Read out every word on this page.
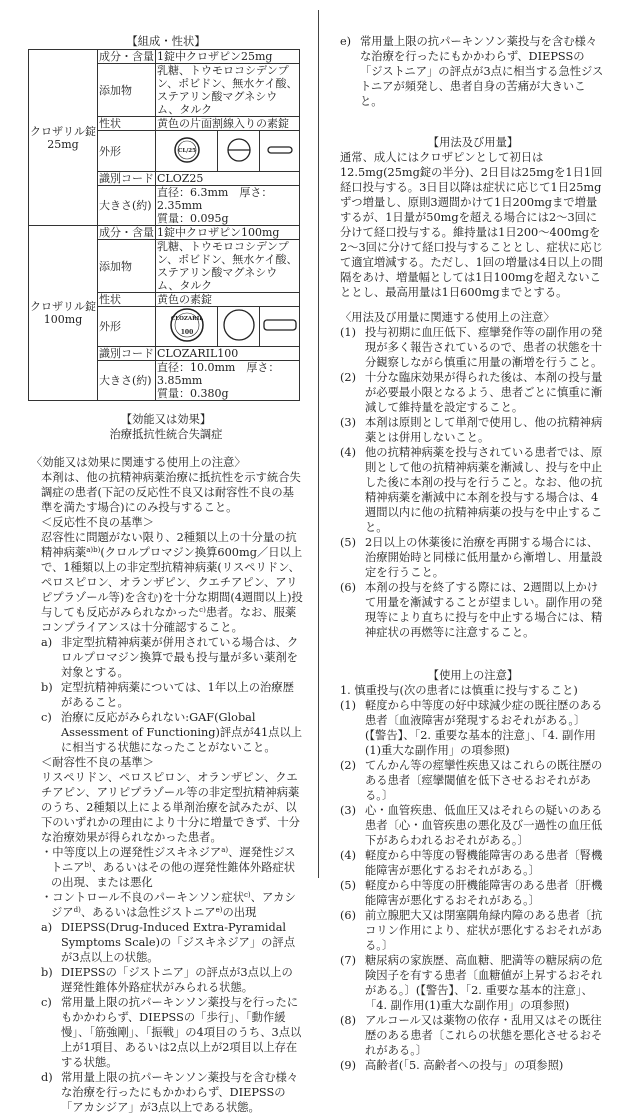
【組成・性状】
クロザリル錠
25mg	成分・含量	1錠中クロザピン25mg		

添加物	乳糖、トウモロコシデンプン、ポビドン、無水ケイ酸、ステアリン酸マグネシウム、タルク		

性状	黄色の片面割線入りの素錠		

外形	CL/25

識別コード	CLOZ25		

大きさ(約)	直径：6.3mm　厚さ：2.35mm
質量：0.095g		

クロザリル錠
100mg	成分・含量	1錠中クロザピン100mg		

添加物	乳糖、トウモロコシデンプン、ポビドン、無水ケイ酸、ステアリン酸マグネシウム、タルク		

性状	黄色の素錠		

外形	CLOZARIL
100

識別コード	CLOZARIL100		

大きさ(約)	直径：10.0mm　厚さ：3.85mm
質量：0.380g		
【効能又は効果】
治療抵抗性統合失調症
〈効能又は効果に関連する使用上の注意〉

本剤は、他の抗精神病薬治療に抵抗性を示す統合失調症の患者(下記の反応性不良又は耐容性不良の基準を満たす場合)にのみ投与すること。

＜反応性不良の基準＞

忍容性に問題がない限り、2種類以上の十分量の抗精神病薬$^{a)b)}$(クロルプロマジン換算600mg／日以上で、1種類以上の非定型抗精神病薬(リスペリドン、ペロスピロン、オランザピン、クエチアピン、アリピプラゾール等)を含む)を十分な期間(4週間以上)投与しても反応がみられなかった$^{c)}$患者。なお、服薬コンプライアンスは十分確認すること。

a) 非定型抗精神病薬が併用されている場合は、クロルプロマジン換算で最も投与量が多い薬剤を対象とする。
b) 定型抗精神病薬については、1年以上の治療歴があること。
c) 治療に反応がみられない:GAF(Global Assessment of Functioning)評点が41点以上に相当する状態になったことがないこと。
＜耐容性不良の基準＞

リスペリドン、ペロスピロン、オランザピン、クエチアピン、アリピプラゾール等の非定型抗精神病薬のうち、2種類以上による単剤治療を試みたが、以下のいずれかの理由により十分に増量できず、十分な治療効果が得られなかった患者。

・中等度以上の遅発性ジスキネジア$^{a)}$、遅発性ジストニア$^{b)}$、あるいはその他の遅発性錐体外路症状の出現、または悪化

・コントロール不良のパーキンソン症状$^{c)}$、アカシジア$^{d)}$、あるいは急性ジストニア$^{e)}$の出現

a) DIEPSS(Drug-Induced Extra-Pyramidal Symptoms Scale)の「ジスキネジア」の評点が3点以上の状態。
b) DIEPSSの「ジストニア」の評点が3点以上の遅発性錐体外路症状がみられる状態。
c) 常用量上限の抗パーキンソン薬投与を行ったにもかかわらず、DIEPSSの「歩行」、「動作緩慢」、「筋強剛」、「振戦」の4項目のうち、3点以上が1項目、あるいは2点以上が2項目以上存在する状態。
d) 常用量上限の抗パーキンソン薬投与を含む様々な治療を行ったにもかかわらず、DIEPSSの「アカシジア」が3点以上である状態。
e) 常用量上限の抗パーキンソン薬投与を含む様々な治療を行ったにもかかわらず、DIEPSSの「ジストニア」の評点が3点に相当する急性ジストニアが頻発し、患者自身の苦痛が大きいこと。
【用法及び用量】

通常、成人にはクロザピンとして初日は12.5mg(25mg錠の半分)、2日目は25mgを1日1回経口投与する。3日目以降は症状に応じて1日25mgずつ増量し、原則3週間かけて1日200mgまで増量するが、1日量が50mgを超える場合には2～3回に分けて経口投与する。維持量は1日200～400mgを2～3回に分けて経口投与することとし、症状に応じて適宜増減する。ただし、1回の増量は4日以上の間隔をあけ、増量幅としては1日100mgを超えないこととし、最高用量は1日600mgまでとする。

〈用法及び用量に関連する使用上の注意〉
(1) 投与初期に血圧低下、痙攣発作等の副作用の発現が多く報告されているので、患者の状態を十分観察しながら慎重に用量の漸増を行うこと。
(2) 十分な臨床効果が得られた後は、本剤の投与量が必要最小限となるよう、患者ごとに慎重に漸減して維持量を設定すること。
(3) 本剤は原則として単剤で使用し、他の抗精神病薬とは併用しないこと。
(4) 他の抗精神病薬を投与されている患者では、原則として他の抗精神病薬を漸減し、投与を中止した後に本剤の投与を行うこと。なお、他の抗精神病薬を漸減中に本剤を投与する場合は、4週間以内に他の抗精神病薬の投与を中止すること。
(5) 2日以上の休薬後に治療を再開する場合には、治療開始時と同様に低用量から漸増し、用量設定を行うこと。
(6) 本剤の投与を終了する際には、2週間以上かけて用量を漸減することが望ましい。副作用の発現等により直ちに投与を中止する場合には、精神症状の再燃等に注意すること。
【使用上の注意】
1. 慎重投与(次の患者には慎重に投与すること)
(1) 軽度から中等度の好中球減少症の既往歴のある患者〔血液障害が発現するおそれがある。〕(【警告】、「2. 重要な基本的注意」、「4. 副作用(1)重大な副作用」の項参照)
(2) てんかん等の痙攣性疾患又はこれらの既往歴のある患者〔痙攣閾値を低下させるおそれがある。〕
(3) 心・血管疾患、低血圧又はそれらの疑いのある患者〔心・血管疾患の悪化及び一過性の血圧低下があらわれるおそれがある。〕
(4) 軽度から中等度の腎機能障害のある患者〔腎機能障害が悪化するおそれがある。〕
(5) 軽度から中等度の肝機能障害のある患者〔肝機能障害が悪化するおそれがある。〕
(6) 前立腺肥大又は閉塞隅角緑内障のある患者〔抗コリン作用により、症状が悪化するおそれがある。〕
(7) 糖尿病の家族歴、高血糖、肥満等の糖尿病の危険因子を有する患者〔血糖値が上昇するおそれがある。〕(【警告】、「2. 重要な基本的注意」、「4. 副作用(1)重大な副作用」の項参照)
(8) アルコール又は薬物の依存・乱用又はその既往歴のある患者〔これらの状態を悪化させるおそれがある。〕
(9) 高齢者(「5. 高齢者への投与」の項参照)
